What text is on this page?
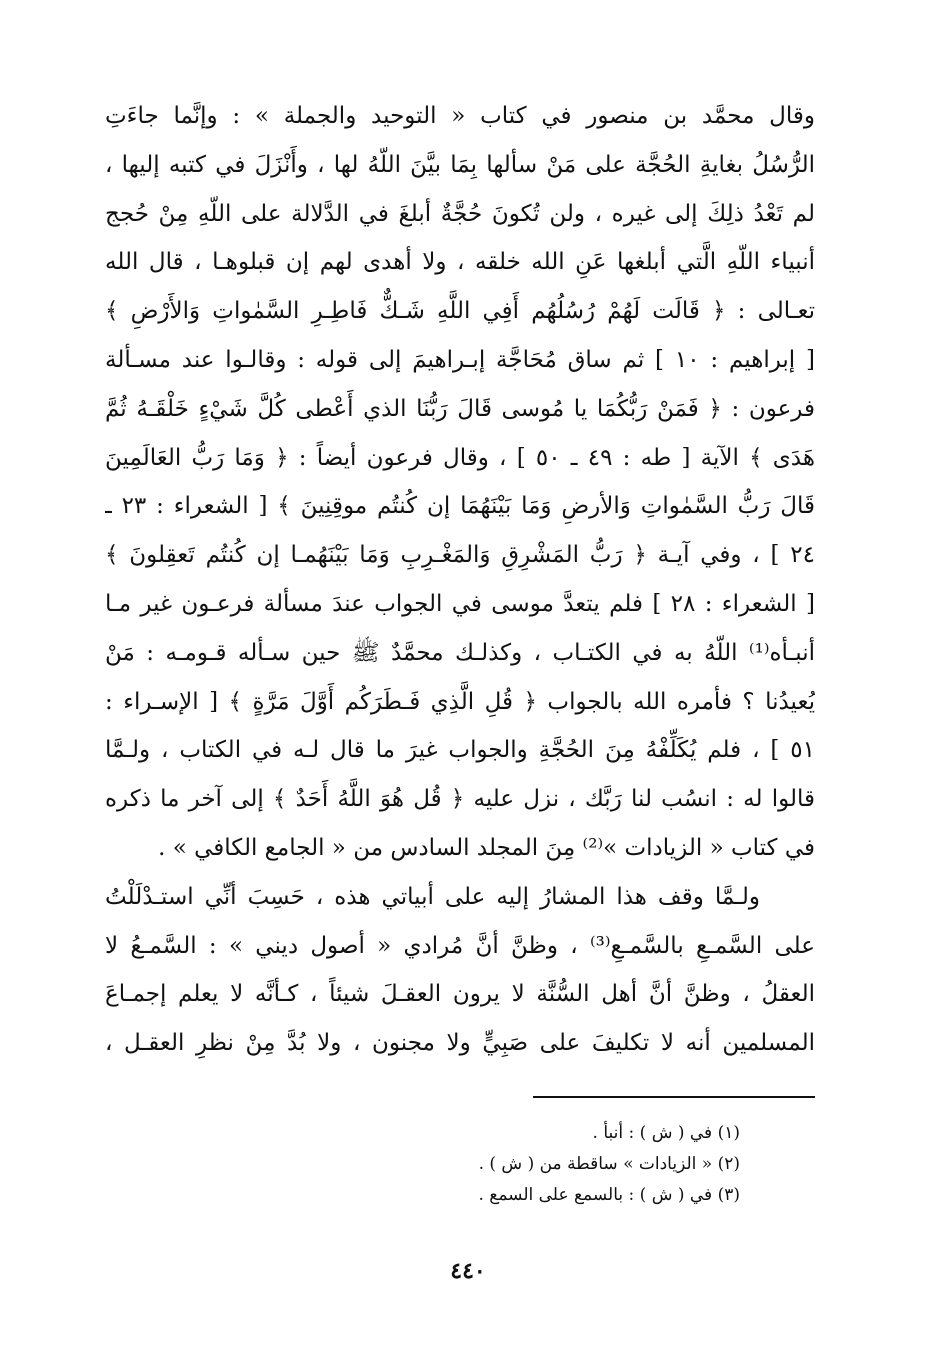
وقال محمَّد بن منصور في كتاب « التوحيد والجملة » : وإنَّما جاءَتِ
الرُّسُلُ بغايةِ الحُجَّة على مَنْ سألها بِمَا بيَّنَ اللّهُ لها ، وأَنْزَلَ في كتبه إليها ،
لم تَعْدُ ذلِكَ إلى غيره ، ولن تُكونَ حُجَّةٌ أبلغَ في الدَّلالة على اللّهِ مِنْ حُجج
أنبياء اللّهِ الَّتي أبلغها عَنِ الله خلقه ، ولا أهدى لهم إن قبلوهـا ، قال الله
تعـالى : ﴿ قَالَت لَهُمْ رُسُلُهُم أَفِي اللَّهِ شَـكٌّ فَاطِـرِ السَّمٰواتِ وَالأَرْضِ ﴾
[ إبراهيم : ١٠ ] ثم ساق مُحَاجَّة إبـراهيمَ إلى قوله : وقالـوا عند مسـألة
فرعون : ﴿ فَمَنْ رَبُّكُمَا يا مُوسى قَالَ رَبُّنَا الذي أَعْطى كُلَّ شَيْءٍ خَلْقَـهُ ثُمَّ
هَدَى ﴾ الآية [ طه : ٤٩ ـ ٥٠ ] ، وقال فرعون أيضاً : ﴿ وَمَا رَبُّ العَالَمِينَ
قَالَ رَبُّ السَّمٰواتِ وَالأرضِ وَمَا بَيْنَهُمَا إن كُنتُم موقِنِينَ ﴾ [ الشعراء : ٢٣ ـ
٢٤ ] ، وفي آيـة ﴿ رَبُّ المَشْرِقِ وَالمَغْـرِبِ وَمَا بَيْنَهُمـا إن كُنتُم تَعقِلونَ ﴾
[ الشعراء : ٢٨ ] فلم يتعدَّ موسى في الجواب عندَ مسألة فرعـون غير مـا
أنبـأه⁽¹⁾ اللّهُ به في الكتـاب ، وكذلـك محمَّدٌ ﷺ حين سـأله قـومـه : مَنْ
يُعيدُنا ؟ فأمره الله بالجواب ﴿ قُلِ الَّذِي فَـطَرَكُم أَوَّلَ مَرَّةٍ ﴾ [ الإسـراء :
٥١ ] ، فلم يُكَلِّفْهُ مِنَ الحُجَّةِ والجواب غيرَ ما قال لـه في الكتاب ، ولـمَّا
قالوا له : انسُب لنا رَبَّك ، نزل عليه ﴿ قُل هُوَ اللَّهُ أَحَدٌ ﴾ إلى آخر ما ذكره
في كتاب « الزيادات »⁽²⁾ مِنَ المجلد السادس من « الجامع الكافي » .
ولـمَّا وقف هذا المشارُ إليه على أبياتي هذه ، حَسِبَ أنِّي استـدْلَلْتُ
على السَّمـعِ بالسَّمـعِ⁽³⁾ ، وظنَّ أنَّ مُرادي « أصول ديني » : السَّمـعُ لا
العقلُ ، وظنَّ أنَّ أهل السُّنَّة لا يرون العقـلَ شيئاً ، كـأنَّه لا يعلم إجمـاعَ
المسلمين أنه لا تكليفَ على صَبِيٍّ ولا مجنون ، ولا بُدَّ مِنْ نظرِ العقـل ،
(١) في ( ش ) : أنبأ .
(٢) « الزيادات » ساقطة من ( ش ) .
(٣) في ( ش ) : بالسمع على السمع .
٤٤٠
